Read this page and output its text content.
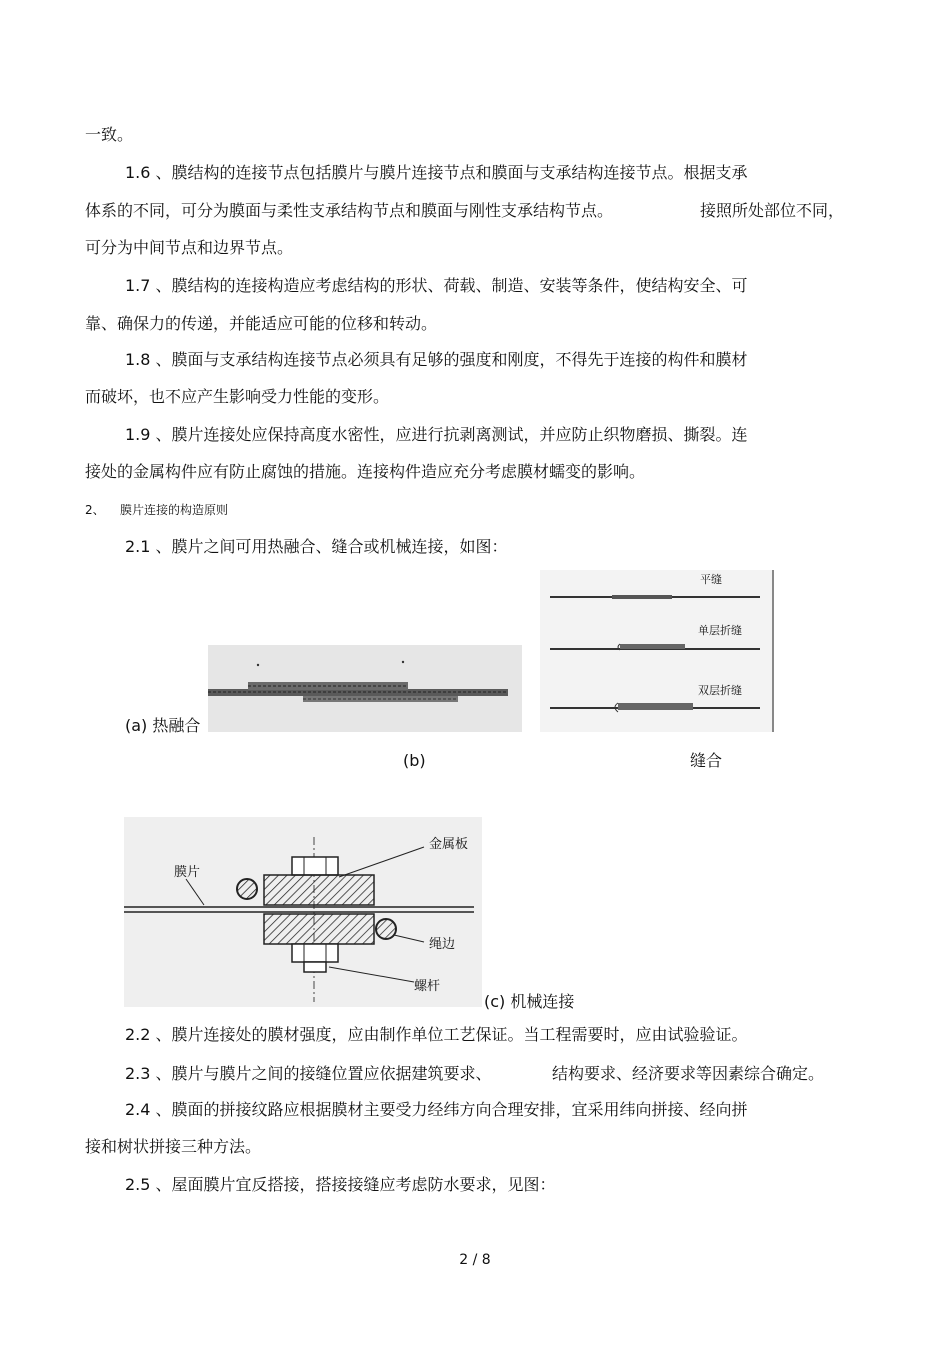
一致。
1.6 、膜结构的连接节点包括膜片与膜片连接节点和膜面与支承结构连接节点。根据支承
体系的不同，可分为膜面与柔性支承结构节点和膜面与刚性支承结构节点。	接照所处部位不同，
可分为中间节点和边界节点。
1.7 、膜结构的连接构造应考虑结构的形状、荷载、制造、安装等条件，使结构安全、可
靠、确保力的传递，并能适应可能的位移和转动。
1.8 、膜面与支承结构连接节点必须具有足够的强度和刚度，不得先于连接的构件和膜材
而破坏，也不应产生影响受力性能的变形。
1.9 、膜片连接处应保持高度水密性，应进行抗剥离测试，并应防止织物磨损、撕裂。连
接处的金属构件应有防止腐蚀的措施。连接构件造应充分考虑膜材蠕变的影响。
2、 膜片连接的构造原则
2.1 、膜片之间可用热融合、缝合或机械连接，如图：
(a) 热融合
平缝
单层折缝
双层折缝
(b)	缝合
金属板
膜片
绳边
螺杆
(c) 机械连接
2.2 、膜片连接处的膜材强度，应由制作单位工艺保证。当工程需要时，应由试验验证。
2.3 、膜片与膜片之间的接缝位置应依据建筑要求、	结构要求、经济要求等因素综合确定。
2.4 、膜面的拼接纹路应根据膜材主要受力经纬方向合理安排，宜采用纬向拼接、经向拼
接和树状拼接三种方法。
2.5 、屋面膜片宜反搭接，搭接接缝应考虑防水要求，见图：
2 / 8
